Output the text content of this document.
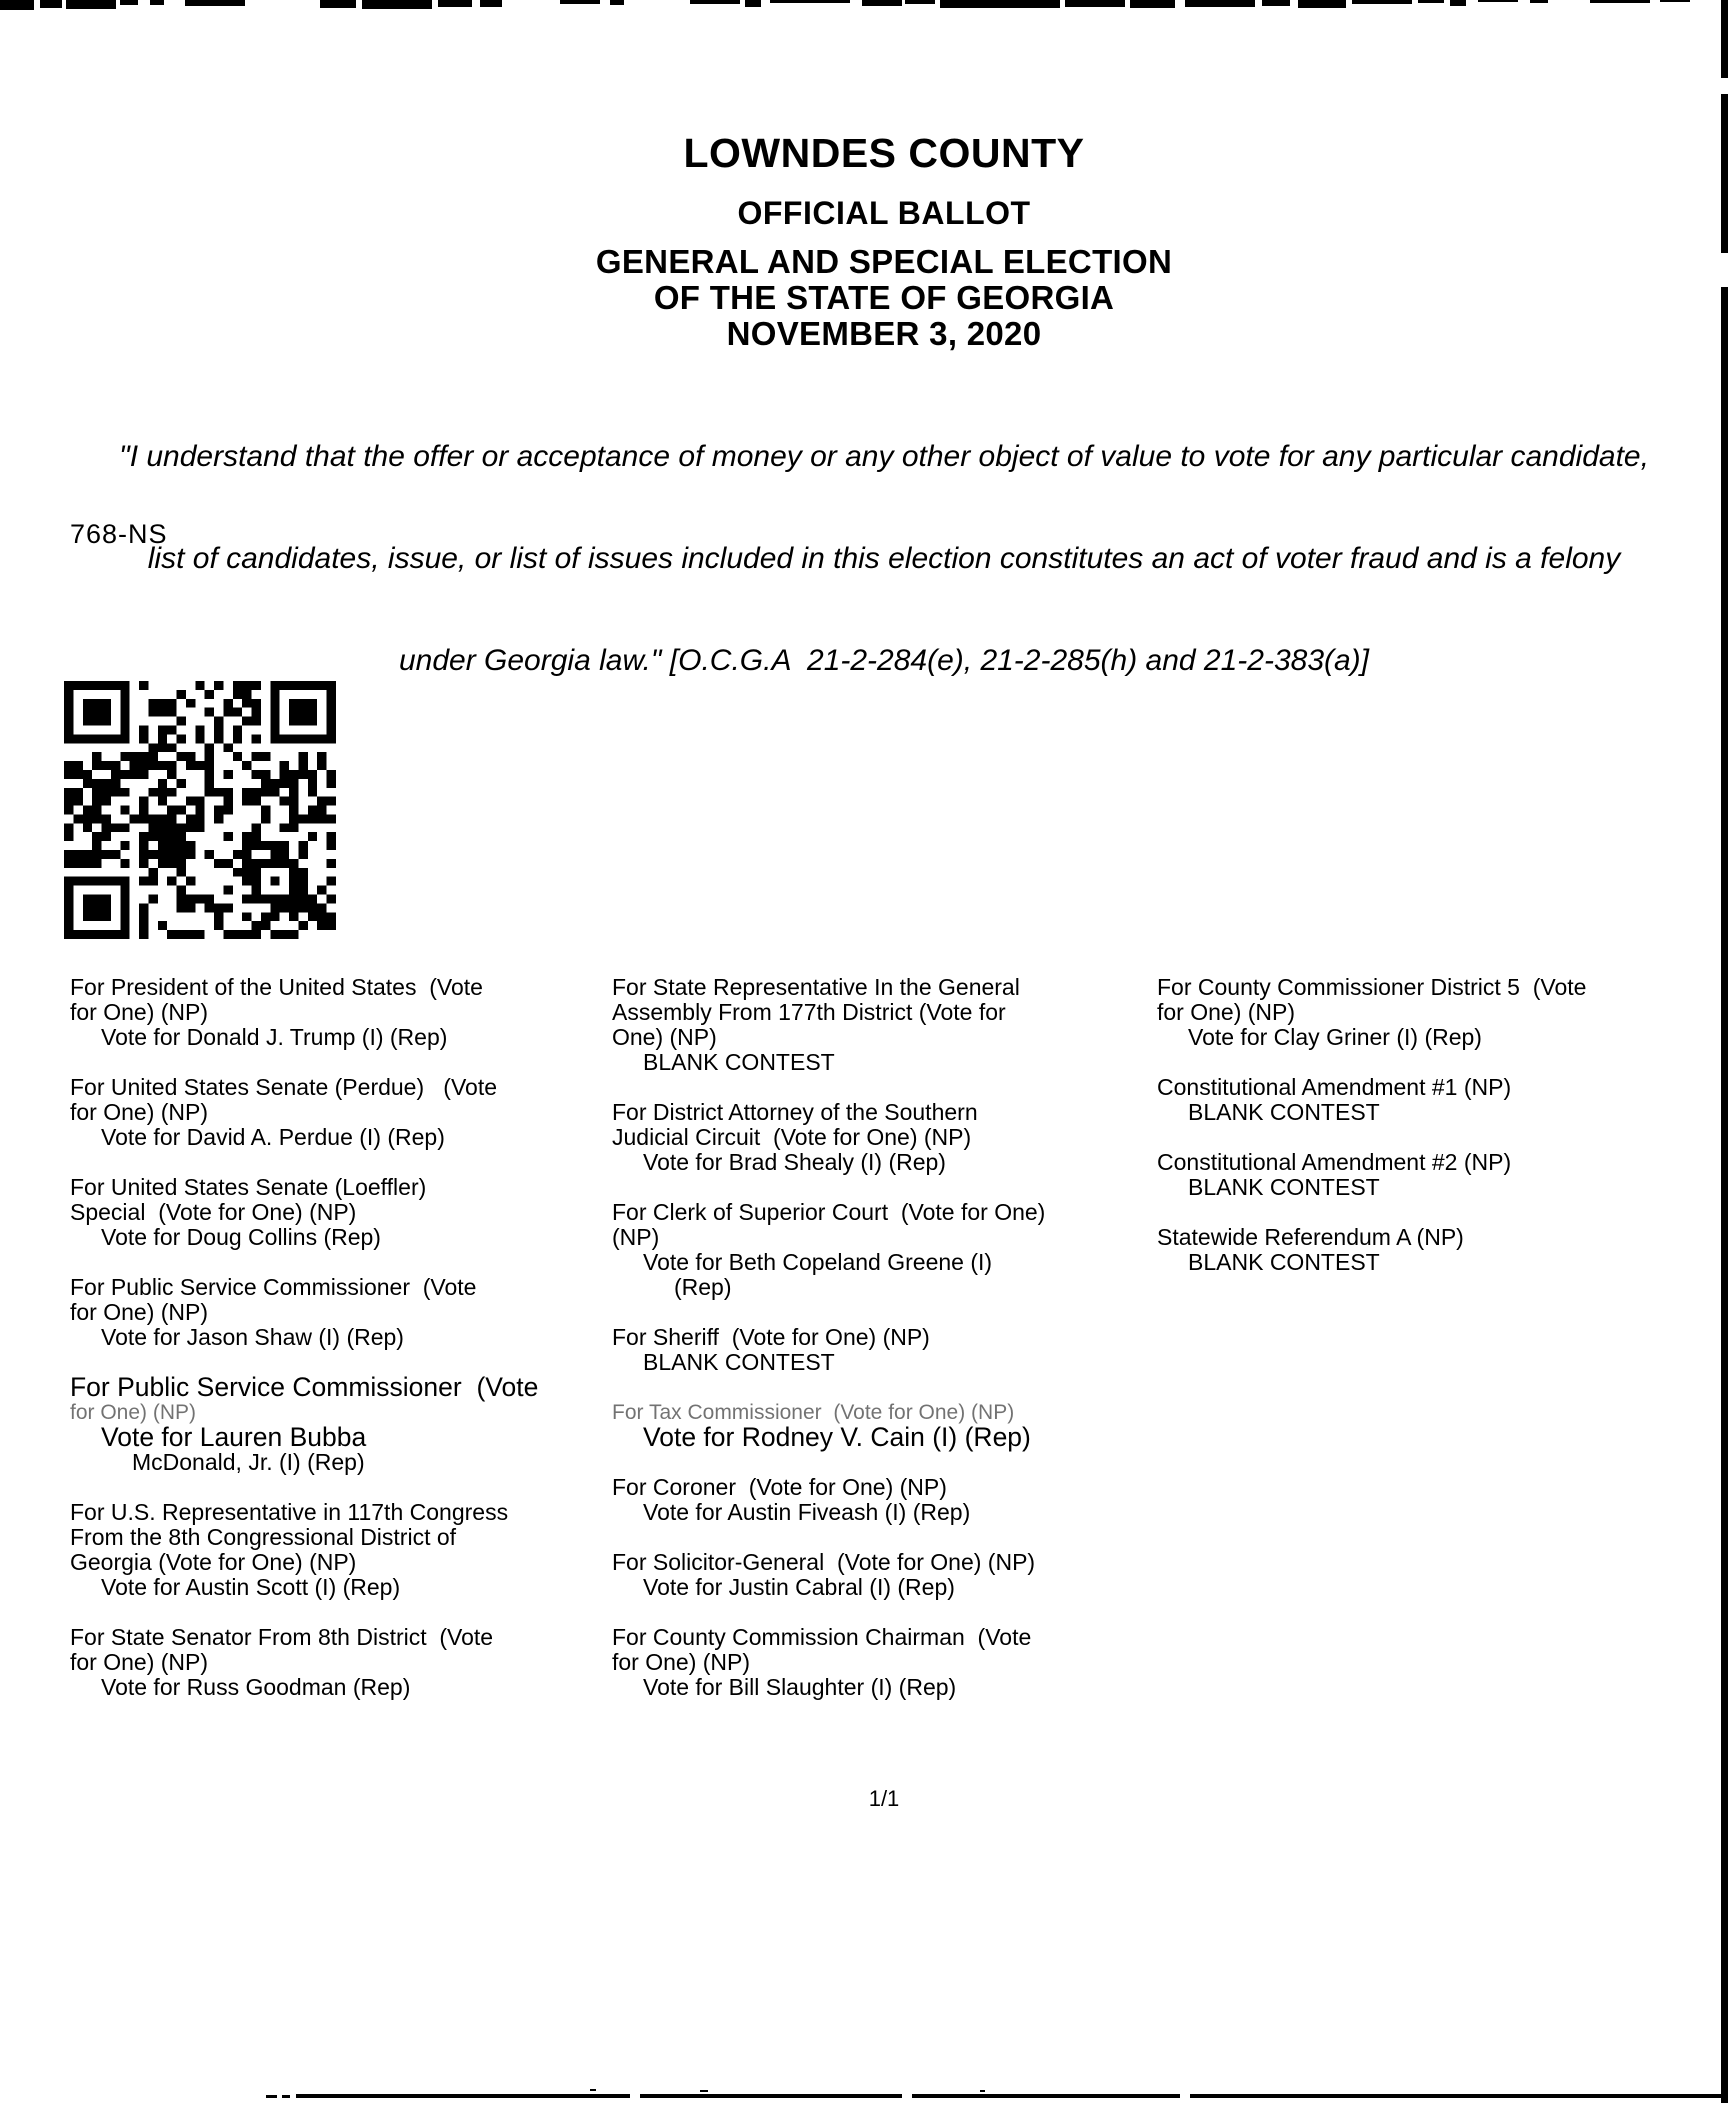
LOWNDES COUNTY
OFFICIAL BALLOT
GENERAL AND SPECIAL ELECTION
OF THE STATE OF GEORGIA
NOVEMBER 3, 2020

"I understand that the offer or acceptance of money or any other object of value to vote for any particular candidate,

list of candidates, issue, or list of issues included in this election constitutes an act of voter fraud and is a felony

under Georgia law." [O.C.G.A  21-2-284(e), 21-2-285(h) and 21-2-383(a)]

768-NS
For President of the United States  (Vote
for One) (NP)
Vote for Donald J. Trump (I) (Rep)
For United States Senate (Perdue)   (Vote
for One) (NP)
Vote for David A. Perdue (I) (Rep)
For United States Senate (Loeffler)
Special  (Vote for One) (NP)
Vote for Doug Collins (Rep)
For Public Service Commissioner  (Vote
for One) (NP)
Vote for Jason Shaw (I) (Rep)
For Public Service Commissioner  (Vote
for One) (NP)
Vote for Lauren Bubba
McDonald, Jr. (I) (Rep)
For U.S. Representative in 117th Congress
From the 8th Congressional District of
Georgia (Vote for One) (NP)
Vote for Austin Scott (I) (Rep)
For State Senator From 8th District  (Vote
for One) (NP)
Vote for Russ Goodman (Rep)
For State Representative In the General
Assembly From 177th District (Vote for
One) (NP)
BLANK CONTEST
For District Attorney of the Southern
Judicial Circuit  (Vote for One) (NP)
Vote for Brad Shealy (I) (Rep)
For Clerk of Superior Court  (Vote for One)
(NP)
Vote for Beth Copeland Greene (I)
(Rep)
For Sheriff  (Vote for One) (NP)
BLANK CONTEST
For Tax Commissioner  (Vote for One) (NP)
Vote for Rodney V. Cain (I) (Rep)
For Coroner  (Vote for One) (NP)
Vote for Austin Fiveash (I) (Rep)
For Solicitor-General  (Vote for One) (NP)
Vote for Justin Cabral (I) (Rep)
For County Commission Chairman  (Vote
for One) (NP)
Vote for Bill Slaughter (I) (Rep)
For County Commissioner District 5  (Vote
for One) (NP)
Vote for Clay Griner (I) (Rep)
Constitutional Amendment #1 (NP)
BLANK CONTEST
Constitutional Amendment #2 (NP)
BLANK CONTEST
Statewide Referendum A (NP)
BLANK CONTEST
1/1
